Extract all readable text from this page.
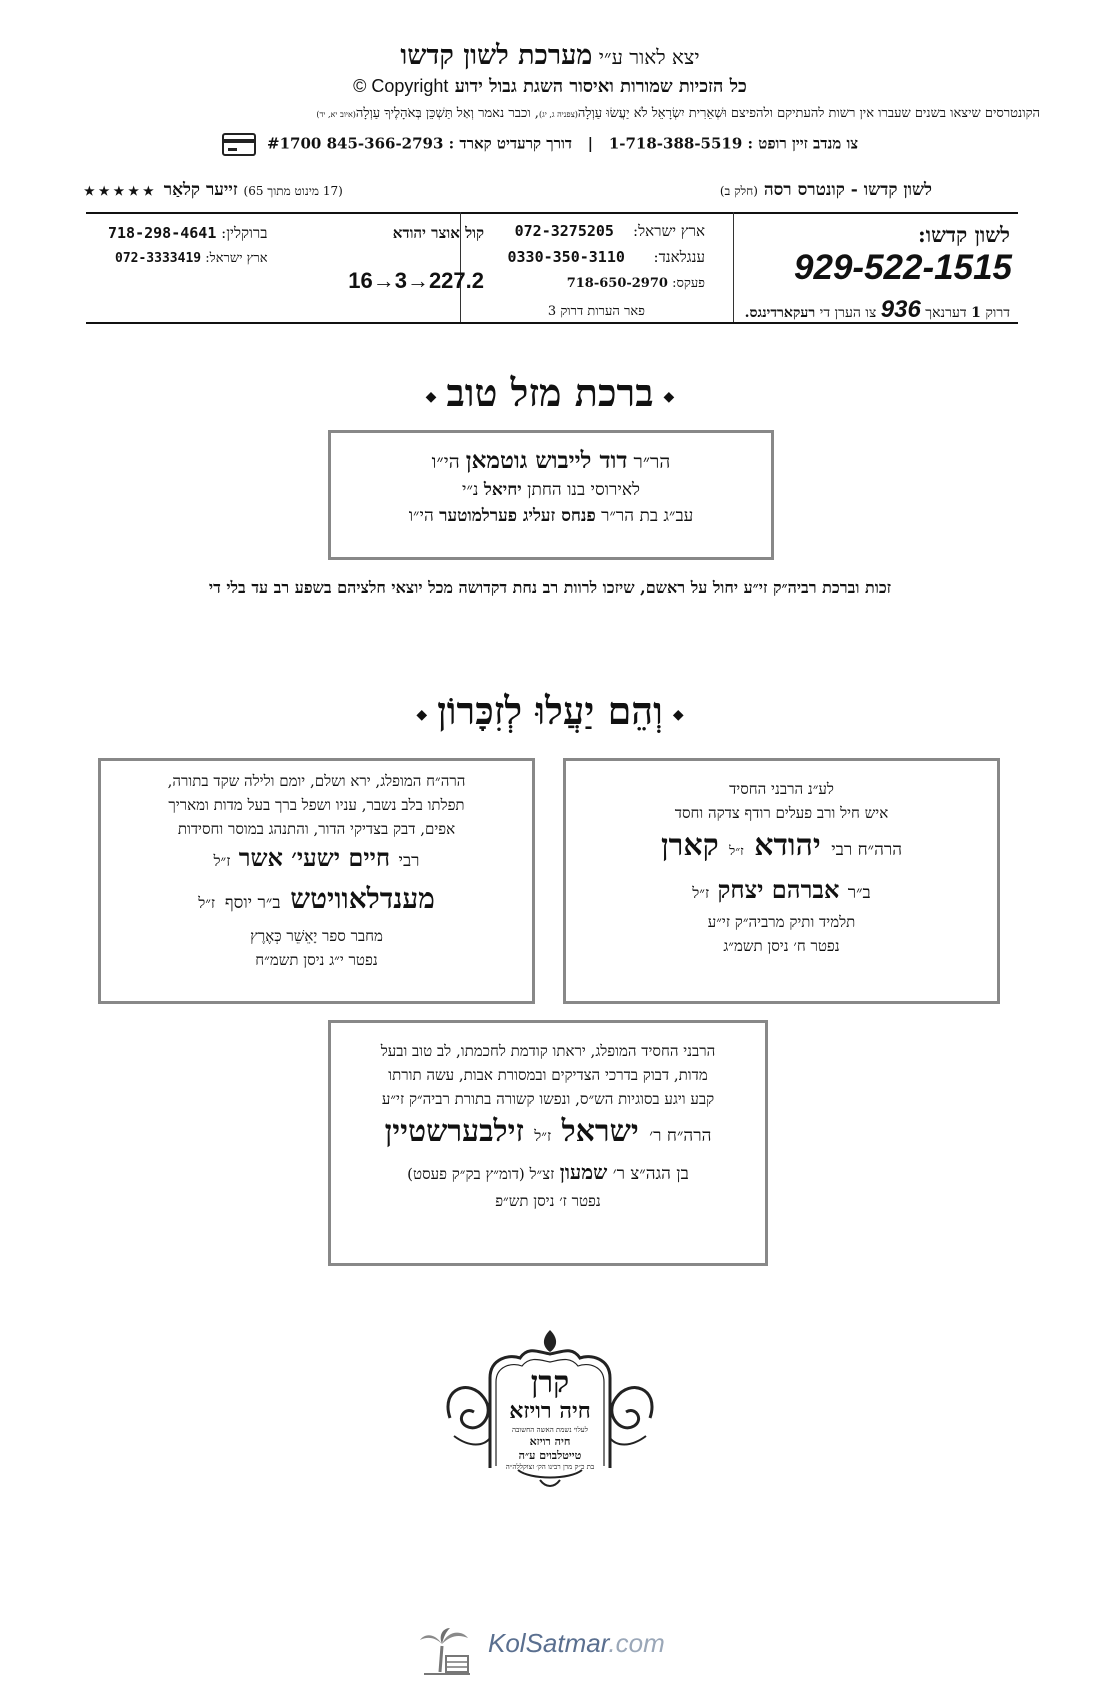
יצא לאור ע״י מערכת לשון קדשו
כל הזכיות שמורות ואיסור השגת גבול ידוע Copyright ©
הקונטרסים שיצאו בשנים שעברו אין רשות להעתיקם ולהפיצם וּשְׁאֵרִית יִשְׂרָאֵל לֹא יַעֲשׂוּ עַוְלָה(צפניה ג, יג), וכבר נאמר וְאַל תַּשְׁכֵּן בְּאֹהָלֶיךָ עַוְלָה(איוב יא, יד)
צו מנדב זיין רופט : 1-718-388-5519   |   דורך קרעדיט קארד : 845-366-2793 #1700
לשון קדשו - קונטרס רסה (חלק ב)
(17 מינוט מתוך 65) זיי‌ער קלאַר ★★★★★
לשון קדשו:
929-522-1515
דרוק 1 דערנאך 936 צו הערן די רעקארדינגס.
ארץ ישראל:    072-3275205
ענגלאנד:      0330-350-3110
פעקס: 718-650-2970
פאר הערות דרוק 3
קול אוצר יהודא
16→3→227.2
ברוקלין: 718-298-4641
ארץ ישראל: 072-3333419
◆ברכת מזל טוב◆
הר״ר דוד לייבוש גוטמאן הי״ו
לאירוסי בנו החתן יחיאל נ״י
עב״ג בת הר״ר פנחס זעליג פערלמוטער הי״ו
זכות וברכת רביה״ק זי״ע יחול על ראשם, שיזכו לרוות רב נחת דקדושה מכל יוצאי חלציהם בשפע רב עד בלי די
◆וְהֵם יַעֲלוּ לְזִכָּרוֹן◆
לע״נ הרבני החסיד
איש חיל ורב פעלים רודף צדקה וחסד
הרה״ח רבי יהודא ז״ל קארן
ב״ר אברהם יצחק ז״ל
תלמיד ותיק מרביה״ק זי״ע
נפטר ח׳ ניסן תשמ״ג
הרה״ח המופלג, ירא ושלם, יומם ולילה שקד בתורה,
תפלתו בלב נשבר, עניו ושפל ברך בעל מדות ומאריך
אפים, דבק בצדיקי הדור, והתנהג במוסר וחסידות
רבי חיים ישעי׳ אשר ז״ל
מענדלאוויטש ב״ר יוסף ז״ל
מחבר ספר יָאֵשֵׁר כְּאֶרֶץ
נפטר י״ג ניסן תשמ״ח
הרבני החסיד המופלג, יראתו קודמת לחכמתו, לב טוב ובעל
מדות, דבוק בדרכי הצדיקים ובמסורת אבות, עשה תורתו
קבע ויגע בסוגיות הש״ס, ונפשו קשורה בתורת רביה״ק זי״ע
הרה״ח ר׳ ישראל ז״ל זילבערשטיין
בן הגה״צ ר׳ שמעון זצ״ל (דומ״ץ בק״ק פעסט)
נפטר ז׳ ניסן תש״פ
קרן
חיה רויזא
לעלוי נשמת האשה החשובה
חיה רויזא
טייטלבוים ע״ה
בת כ״ק מרן רבינו הק׳ זצוקללה״ה
KolSatmar.com
